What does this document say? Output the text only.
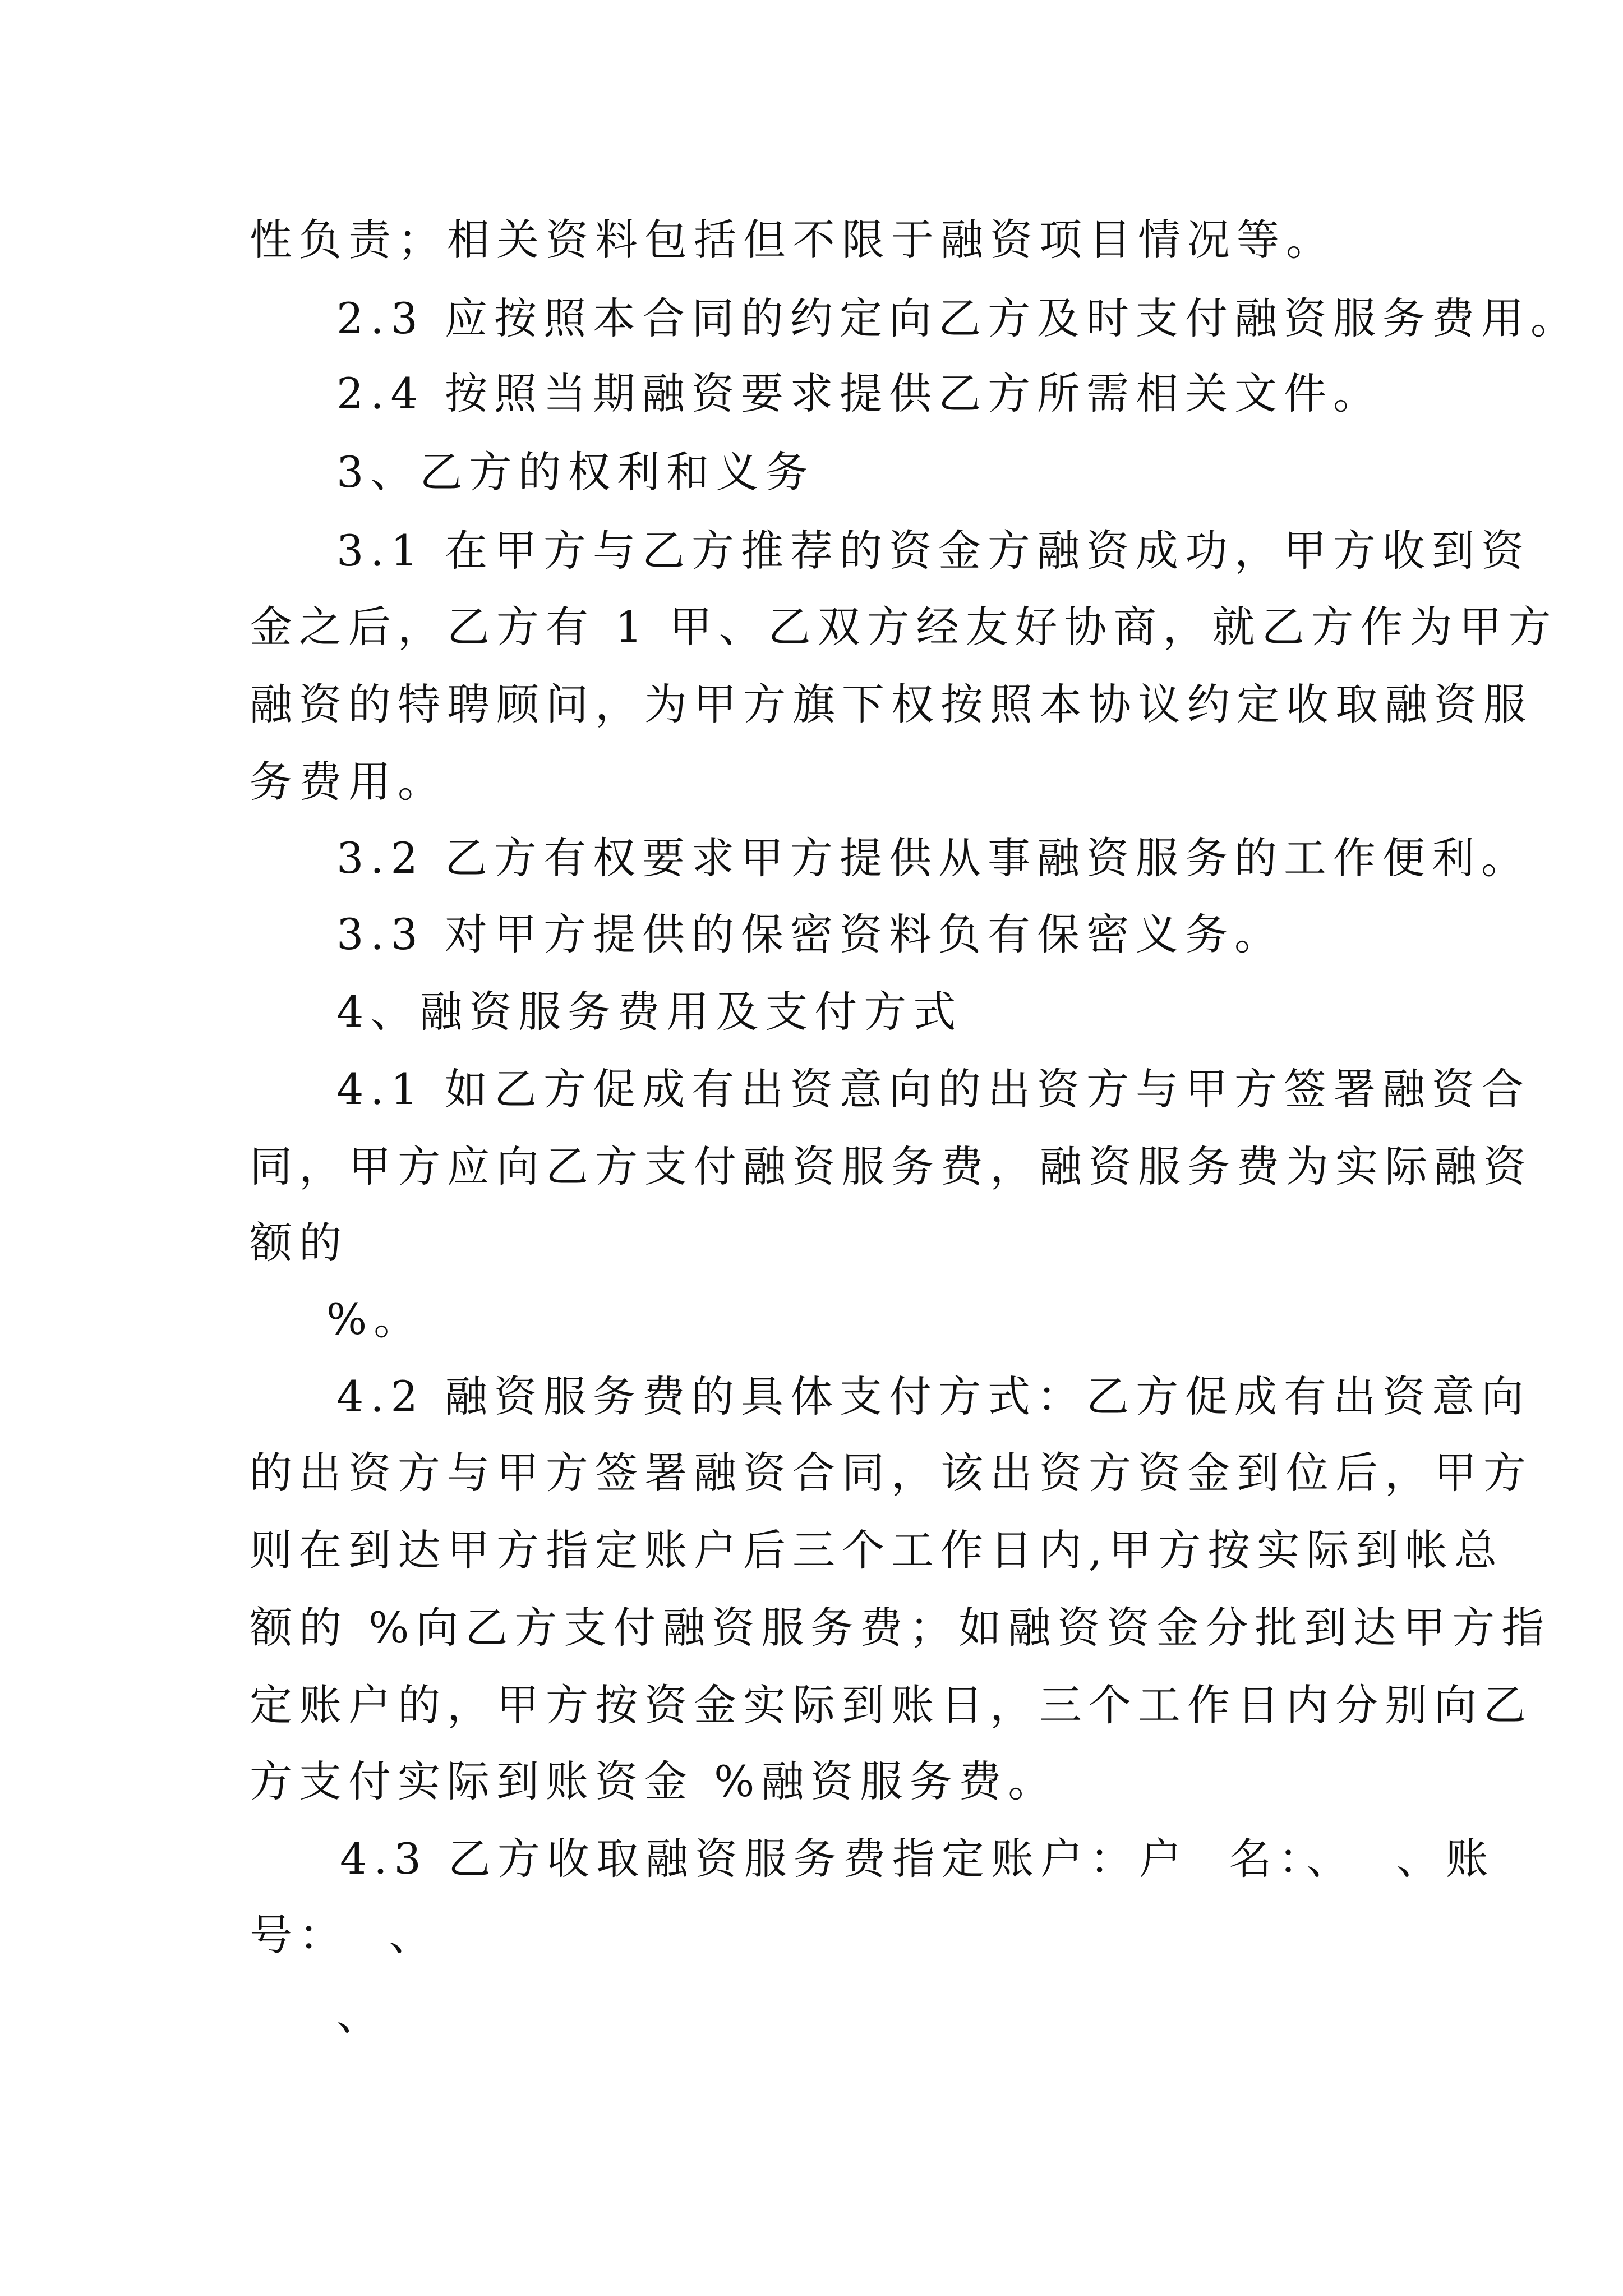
性负责；相关资料包括但不限于融资项目情况等。
2.3 应按照本合同的约定向乙方及时支付融资服务费用。
2.4 按照当期融资要求提供乙方所需相关文件。
3、乙方的权利和义务
3.1 在甲方与乙方推荐的资金方融资成功，甲方收到资
金之后，乙方有 1 甲、乙双方经友好协商，就乙方作为甲方
融资的特聘顾问，为甲方旗下权按照本协议约定收取融资服
务费用。
3.2 乙方有权要求甲方提供从事融资服务的工作便利。
3.3 对甲方提供的保密资料负有保密义务。
4、融资服务费用及支付方式
4.1 如乙方促成有出资意向的出资方与甲方签署融资合
同，甲方应向乙方支付融资服务费，融资服务费为实际融资
额的
%。
4.2 融资服务费的具体支付方式：乙方促成有出资意向
的出资方与甲方签署融资合同，该出资方资金到位后，甲方
则在到达甲方指定账户后三个工作日内,甲方按实际到帐总
额的 %向乙方支付融资服务费；如融资资金分批到达甲方指
定账户的，甲方按资金实际到账日，三个工作日内分别向乙
方支付实际到账资金 %融资服务费。
4.3 乙方收取融资服务费指定账户：户  名：、  、账
号：  、
、
